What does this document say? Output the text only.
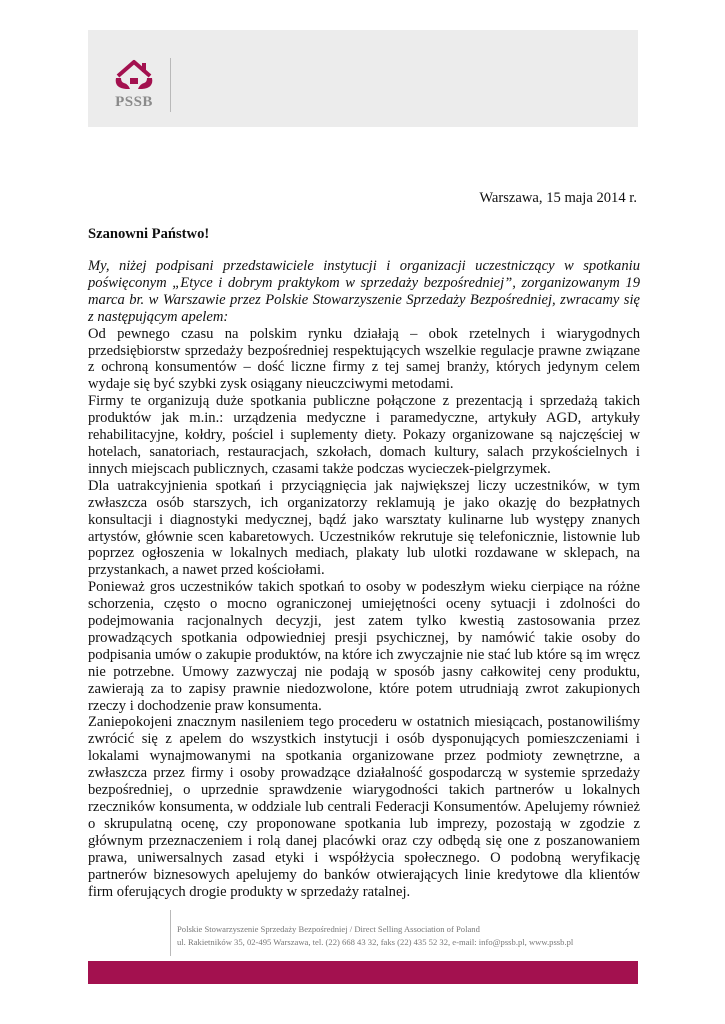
PSSB
Warszawa, 15 maja 2014 r.
Szanowni Państwo!

My, niżej podpisani przedstawiciele instytucji i organizacji uczestniczący w spotkaniu poświęconym „Etyce i dobrym praktykom w sprzedaży bezpośredniej”, zorganizowanym 19 marca br. w Warszawie przez Polskie Stowarzyszenie Sprzedaży Bezpośredniej, zwracamy się z następującym apelem:

Od pewnego czasu na polskim rynku działają – obok rzetelnych i wiarygodnych przedsiębiorstw sprzedaży bezpośredniej respektujących wszelkie regulacje prawne związane z ochroną konsumentów – dość liczne firmy z tej samej branży, których jedynym celem wydaje się być szybki zysk osiągany nieuczciwymi metodami.

Firmy te organizują duże spotkania publiczne połączone z prezentacją i sprzedażą takich produktów jak m.in.: urządzenia medyczne i paramedyczne, artykuły AGD, artykuły rehabilitacyjne, kołdry, pościel i suplementy diety. Pokazy organizowane są najczęściej w hotelach, sanatoriach, restauracjach, szkołach, domach kultury, salach przykościelnych i innych miejscach publicznych, czasami także podczas wycieczek-pielgrzymek.

Dla uatrakcyjnienia spotkań i przyciągnięcia jak największej liczy uczestników, w tym zwłaszcza osób starszych, ich organizatorzy reklamują je jako okazję do bezpłatnych konsultacji i diagnostyki medycznej, bądź jako warsztaty kulinarne lub występy znanych artystów, głównie scen kabaretowych. Uczestników rekrutuje się telefonicznie, listownie lub poprzez ogłoszenia w lokalnych mediach, plakaty lub ulotki rozdawane w sklepach, na przystankach, a nawet przed kościołami.

Ponieważ gros uczestników takich spotkań to osoby w podeszłym wieku cierpiące na różne schorzenia, często o mocno ograniczonej umiejętności oceny sytuacji i zdolności do podejmowania racjonalnych decyzji, jest zatem tylko kwestią zastosowania przez prowadzących spotkania odpowiedniej presji psychicznej, by namówić takie osoby do podpisania umów o zakupie produktów, na które ich zwyczajnie nie stać lub które są im wręcz nie potrzebne. Umowy zazwyczaj nie podają w sposób jasny całkowitej ceny produktu, zawierają za to zapisy prawnie niedozwolone, które potem utrudniają zwrot zakupionych rzeczy i dochodzenie praw konsumenta.

Zaniepokojeni znacznym nasileniem tego procederu w ostatnich miesiącach, postanowiliśmy zwrócić się z apelem do wszystkich instytucji i osób dysponujących pomieszczeniami i lokalami wynajmowanymi na spotkania organizowane przez podmioty zewnętrzne, a zwłaszcza przez firmy i osoby prowadzące działalność gospodarczą w systemie sprzedaży bezpośredniej, o uprzednie sprawdzenie wiarygodności takich partnerów u lokalnych rzeczników konsumenta, w oddziale lub centrali Federacji Konsumentów. Apelujemy również o skrupulatną ocenę, czy proponowane spotkania lub imprezy, pozostają w zgodzie z głównym przeznaczeniem i rolą danej placówki oraz czy odbędą się one z poszanowaniem prawa, uniwersalnych zasad etyki i współżycia społecznego. O podobną weryfikację partnerów biznesowych apelujemy do banków otwierających linie kredytowe dla klientów firm oferujących drogie produkty w sprzedaży ratalnej.

Polskie Stowarzyszenie Sprzedaży Bezpośredniej / Direct Selling Association of Poland
ul. Rakietników 35, 02-495 Warszawa, tel. (22) 668 43 32, faks (22) 435 52 32, e-mail: info@pssb.pl, www.pssb.pl
